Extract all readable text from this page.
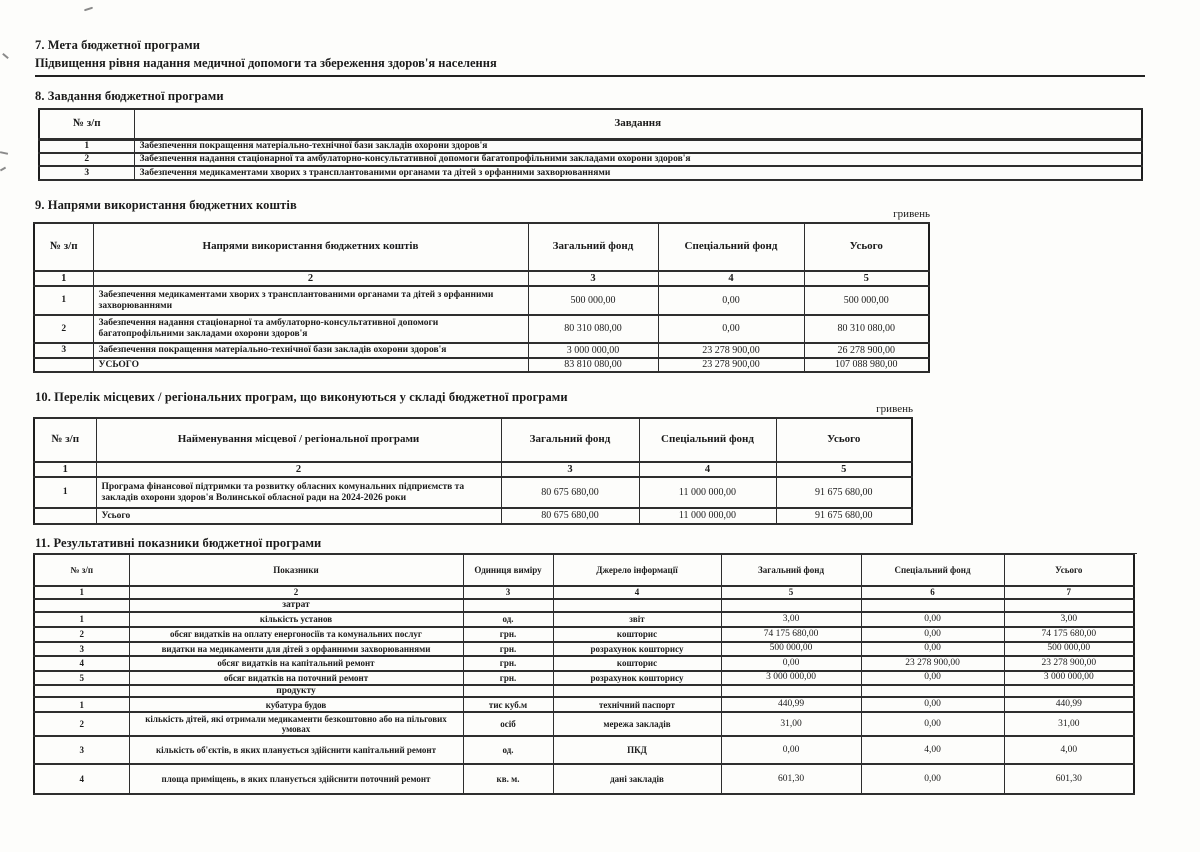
7. Мета бюджетної програми
Підвищення рівня надання медичної допомоги та збереження здоров'я населення
8. Завдання бюджетної програми
№ з/п	Завдання
1	Забезпечення покращення матеріально-технічної бази закладів охорони здоров'я
2	Забезпечення надання стаціонарної та амбулаторно-консультативної допомоги багатопрофільними закладами охорони здоров'я
3	Забезпечення медикаментами хворих з трансплантованими органами та дітей з орфанними захворюваннями
9. Напрями використання бюджетних коштів
гривень
№ з/п	Напрями використання бюджетних коштів	Загальний фонд	Спеціальний фонд	Усього
1	2	3	4	5
1	Забезпечення медикаментами хворих з трансплантованими органами та дітей з орфанними захворюваннями	500 000,00	0,00	500 000,00
2	Забезпечення надання стаціонарної та амбулаторно-консультативної допомоги багатопрофільними закладами охорони здоров'я	80 310 080,00	0,00	80 310 080,00
3	Забезпечення покращення матеріально-технічної бази закладів охорони здоров'я	3 000 000,00	23 278 900,00	26 278 900,00
	УСЬОГО	83 810 080,00	23 278 900,00	107 088 980,00
10. Перелік місцевих / регіональних програм, що виконуються у складі бюджетної програми
гривень
№ з/п	Найменування місцевої / регіональної програми	Загальний фонд	Спеціальний фонд	Усього
1	2	3	4	5
1	Програма фінансової підтримки та розвитку обласних комунальних підприємств та закладів охорони здоров'я Волинської обласної ради на 2024-2026 роки	80 675 680,00	11 000 000,00	91 675 680,00
	Усього	80 675 680,00	11 000 000,00	91 675 680,00
11. Результативні показники бюджетної програми
№ з/п	Показники	Одиниця виміру	Джерело інформації	Загальний фонд	Спеціальний фонд	Усього
1	2	3	4	5	6	7
	затрат					
1	кількість установ	од.	звіт	3,00	0,00	3,00
2	обсяг видатків на оплату енергоносіїв та комунальних послуг	грн.	кошторис	74 175 680,00	0,00	74 175 680,00
3	видатки на медикаменти для дітей з орфанними захворюваннями	грн.	розрахунок кошторису	500 000,00	0,00	500 000,00
4	обсяг видатків на капітальний ремонт	грн.	кошторис	0,00	23 278 900,00	23 278 900,00
5	обсяг видатків на поточний ремонт	грн.	розрахунок кошторису	3 000 000,00	0,00	3 000 000,00
	продукту					
1	кубатура будов	тис куб.м	технічний паспорт	440,99	0,00	440,99
2	кількість дітей, які отримали медикаменти безкоштовно або на пільгових умовах	осіб	мережа закладів	31,00	0,00	31,00
3	кількість об'єктів, в яких планується здійснити капітальний ремонт	од.	ПКД	0,00	4,00	4,00
4	площа приміщень, в яких планується здійснити поточний ремонт	кв. м.	дані закладів	601,30	0,00	601,30
